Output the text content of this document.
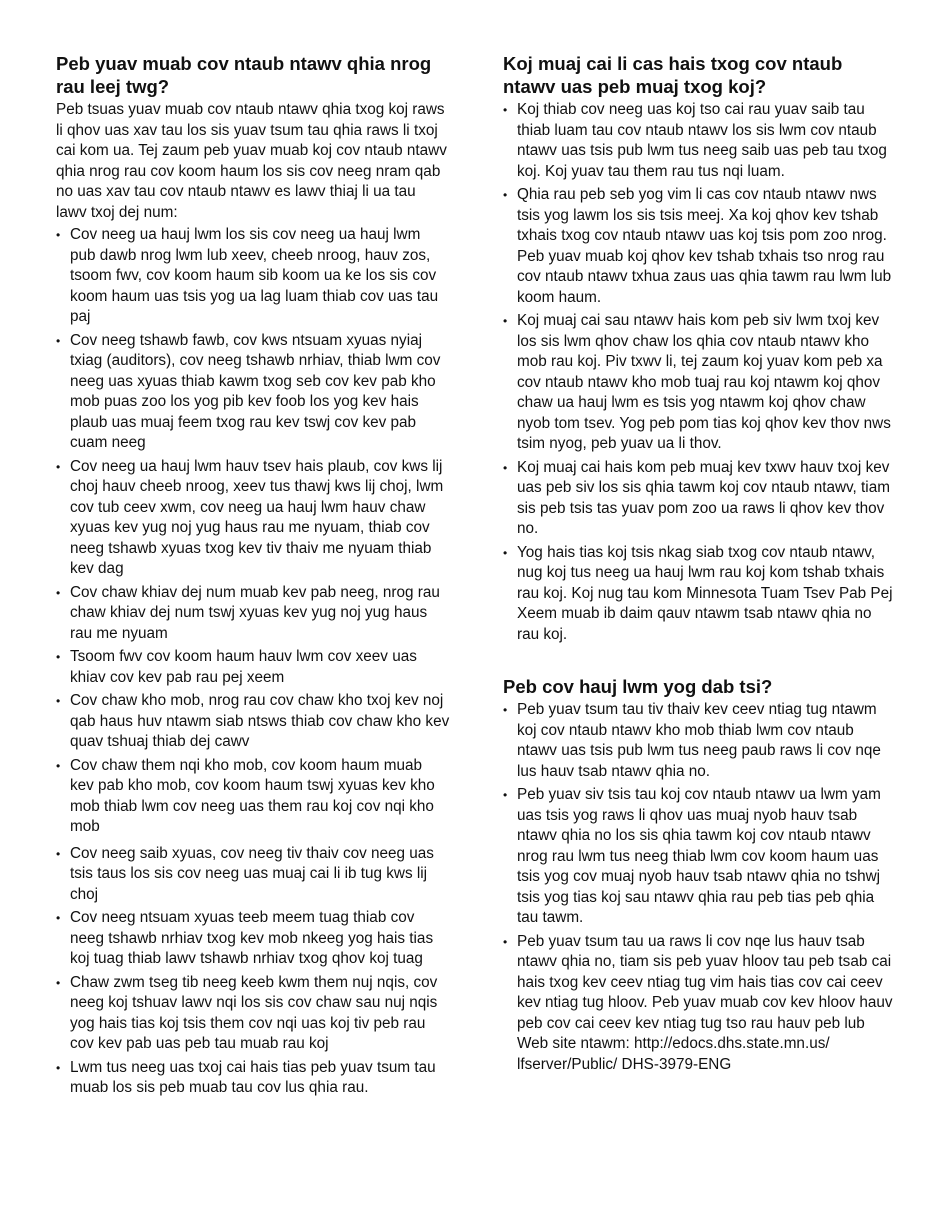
Peb yuav muab cov ntaub ntawv qhia nrog rau leej twg?

Peb tsuas yuav muab cov ntaub ntawv qhia txog koj raws li qhov uas xav tau los sis yuav tsum tau qhia raws li txoj cai kom ua. Tej zaum peb yuav muab koj cov ntaub ntawv qhia nrog rau cov koom haum los sis cov neeg nram qab no uas xav tau cov ntaub ntawv es lawv thiaj li ua tau lawv txoj dej num:

• Cov neeg ua hauj lwm los sis cov neeg ua hauj lwm pub dawb nrog lwm lub xeev, cheeb nroog, hauv zos, tsoom fwv, cov koom haum sib koom ua ke los sis cov koom haum uas tsis yog ua lag luam thiab cov uas tau paj
• Cov neeg tshawb fawb, cov kws ntsuam xyuas nyiaj txiag (auditors), cov neeg tshawb nrhiav, thiab lwm cov neeg uas xyuas thiab kawm txog seb cov kev pab kho mob puas zoo los yog pib kev foob los yog kev hais plaub uas muaj feem txog rau kev tswj cov kev pab cuam neeg
• Cov neeg ua hauj lwm hauv tsev hais plaub, cov kws lij choj hauv cheeb nroog, xeev tus thawj kws lij choj, lwm cov tub ceev xwm, cov neeg ua hauj lwm hauv chaw xyuas kev yug noj yug haus rau me nyuam, thiab cov neeg tshawb xyuas txog kev tiv thaiv me nyuam thiab kev dag
• Cov chaw khiav dej num muab kev pab neeg, nrog rau chaw khiav dej num tswj xyuas kev yug noj yug haus rau me nyuam
• Tsoom fwv cov koom haum hauv lwm cov xeev uas khiav cov kev pab rau pej xeem
• Cov chaw kho mob, nrog rau cov chaw kho txoj kev noj qab haus huv ntawm siab ntsws thiab cov chaw kho kev quav tshuaj thiab dej cawv
• Cov chaw them nqi kho mob, cov koom haum muab kev pab kho mob, cov koom haum tswj xyuas kev kho mob thiab lwm cov neeg uas them rau koj cov nqi kho mob
• Cov neeg saib xyuas, cov neeg tiv thaiv cov neeg uas tsis taus los sis cov neeg uas muaj cai li ib tug kws lij choj
• Cov neeg ntsuam xyuas teeb meem tuag thiab cov neeg tshawb nrhiav txog kev mob nkeeg yog hais tias koj tuag thiab lawv tshawb nrhiav txog qhov koj tuag
• Chaw zwm tseg tib neeg keeb kwm them nuj nqis, cov neeg koj tshuav lawv nqi los sis cov chaw sau nuj nqis yog hais tias koj tsis them cov nqi uas koj tiv peb rau cov kev pab uas peb tau muab rau koj
• Lwm tus neeg uas txoj cai hais tias peb yuav tsum tau muab los sis peb muab tau cov lus qhia rau.
Koj muaj cai li cas hais txog cov ntaub ntawv uas peb muaj txog koj?
• Koj thiab cov neeg uas koj tso cai rau yuav saib tau thiab luam tau cov ntaub ntawv los sis lwm cov ntaub ntawv uas tsis pub lwm tus neeg saib uas peb tau txog koj. Koj yuav tau them rau tus nqi luam.
• Qhia rau peb seb yog vim li cas cov ntaub ntawv nws tsis yog lawm los sis tsis meej. Xa koj qhov kev tshab txhais txog cov ntaub ntawv uas koj tsis pom zoo nrog. Peb yuav muab koj qhov kev tshab txhais tso nrog rau cov ntaub ntawv txhua zaus uas qhia tawm rau lwm lub koom haum.
• Koj muaj cai sau ntawv hais kom peb siv lwm txoj kev los sis lwm qhov chaw los qhia cov ntaub ntawv kho mob rau koj. Piv txwv li, tej zaum koj yuav kom peb xa cov ntaub ntawv kho mob tuaj rau koj ntawm koj qhov chaw ua hauj lwm es tsis yog ntawm koj qhov chaw nyob tom tsev. Yog peb pom tias koj qhov kev thov nws tsim nyog, peb yuav ua li thov.
• Koj muaj cai hais kom peb muaj kev txwv hauv txoj kev uas peb siv los sis qhia tawm koj cov ntaub ntawv, tiam sis peb tsis tas yuav pom zoo ua raws li qhov kev thov no.
• Yog hais tias koj tsis nkag siab txog cov ntaub ntawv, nug koj tus neeg ua hauj lwm rau koj kom tshab txhais rau koj. Koj nug tau kom Minnesota Tuam Tsev Pab Pej Xeem muab ib daim qauv ntawm tsab ntawv qhia no rau koj.
Peb cov hauj lwm yog dab tsi?
• Peb yuav tsum tau tiv thaiv kev ceev ntiag tug ntawm koj cov ntaub ntawv kho mob thiab lwm cov ntaub ntawv uas tsis pub lwm tus neeg paub raws li cov nqe lus hauv tsab ntawv qhia no.
• Peb yuav siv tsis tau koj cov ntaub ntawv ua lwm yam uas tsis yog raws li qhov uas muaj nyob hauv tsab ntawv qhia no los sis qhia tawm koj cov ntaub ntawv nrog rau lwm tus neeg thiab lwm cov koom haum uas tsis yog cov muaj nyob hauv tsab ntawv qhia no tshwj tsis yog tias koj sau ntawv qhia rau peb tias peb qhia tau tawm.
• Peb yuav tsum tau ua raws li cov nqe lus hauv tsab ntawv qhia no, tiam sis peb yuav hloov tau peb tsab cai hais txog kev ceev ntiag tug vim hais tias cov cai ceev kev ntiag tug hloov. Peb yuav muab cov kev hloov hauv peb cov cai ceev kev ntiag tug tso rau hauv peb lub Web site ntawm: http://edocs.dhs.state.mn.us/ lfserver/Public/ DHS-3979-ENG
